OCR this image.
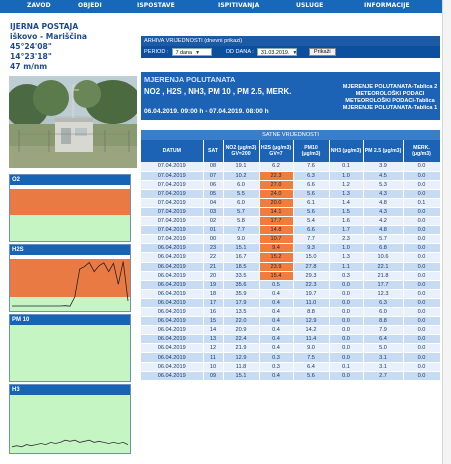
ZAVOD	OBJEDI	ISPOSTAVE	ISPITIVANJA	USLUGE	INFORMACIJE
IJERNA POSTAJA
iškovo - Mariščina
45°24'08"
14°23'18"
47 m/nm
O2
H2S
PM 10
H3
ARHIVA VRIJEDNOSTI (dnevni prikazi)
PERIOD :	7 dana ▼	OD DANA :	31.03.2019. ▼	Prikaži
MJERENJA POLUTANATA
NO2 , H2S , NH3, PM 10 , PM 2.5, MERK.
06.04.2019. 09:00 h - 07.04.2019. 08:00 h
MJERENJE POLUTANATA-Tablica 2
METEOROLOŠKI PODACI
METEOROLOŠKI PODACI-Tablica
MJERENJE POLUTANATA-Tablica 1
SATNE VRIJEDNOSTI
DATUM	SAT	NO2 (μg/m3) GV=200	H2S (μg/m3) GV=7	PM10 (μg/m3)	NH3 (μg/m3)	PM 2.5 (μg/m3)	MERK. (μg/m3)
07.04.2019	08	19.1	6.2	7.6	0.1	3.9	0.0
07.04.2019	07	10.2	22.3	6.3	1.0	4.5	0.0
07.04.2019	06	6.0	27.0	6.6	1.2	5.3	0.0
07.04.2019	05	5.5	24.0	5.6	1.3	4.3	0.0
07.04.2019	04	6.0	20.0	6.1	1.4	4.8	0.1
07.04.2019	03	5.7	14.1	5.6	1.5	4.3	0.0
07.04.2019	02	5.8	17.7	5.4	1.6	4.2	0.0
07.04.2019	01	7.7	14.8	6.6	1.7	4.8	0.0
07.04.2019	00	9.0	10.7	7.7	2.3	5.7	0.0
06.04.2019	23	15.1	9.4	9.3	1.0	6.8	0.0
06.04.2019	22	16.7	15.2	15.0	1.3	10.6	0.0
06.04.2019	21	18.5	23.9	27.8	1.1	22.1	0.0
06.04.2019	20	33.5	15.4	29.3	0.3	21.8	0.0
06.04.2019	19	35.6	0.5	22.3	0.0	17.7	0.0
06.04.2019	18	35.9	0.4	19.7	0.0	12.3	0.0
06.04.2019	17	17.9	0.4	11.0	0.0	6.3	0.0
06.04.2019	16	13.5	0.4	8.8	0.0	6.0	0.0
06.04.2019	15	22.0	0.4	12.9	0.0	8.8	0.0
06.04.2019	14	20.9	0.4	14.2	0.0	7.9	0.0
06.04.2019	13	22.4	0.4	11.4	0.0	6.4	0.0
06.04.2019	12	21.9	0.4	9.0	0.0	5.0	0.0
06.04.2019	11	12.9	0.3	7.5	0.0	3.1	0.0
06.04.2019	10	11.8	0.3	6.4	0.1	3.1	0.0
06.04.2019	09	15.1	0.4	5.6	0.0	2.7	0.0
